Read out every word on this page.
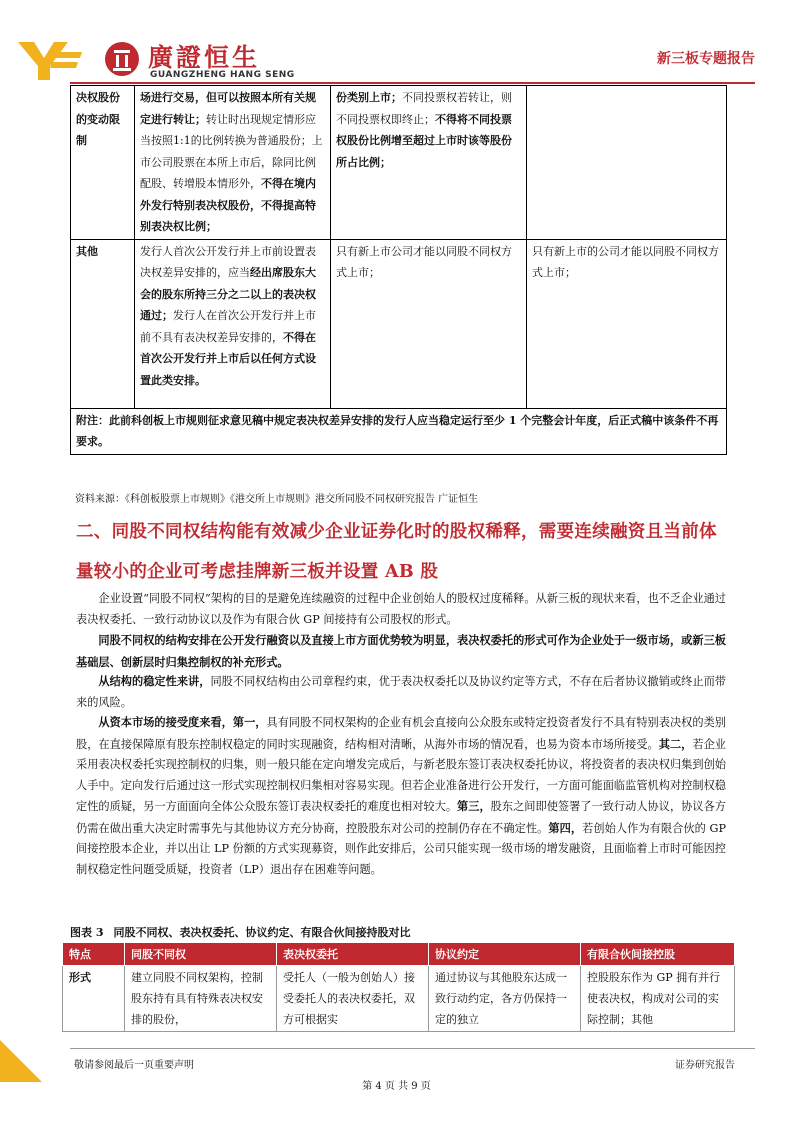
廣證恒生
GUANGZHENG HANG SENG
新三板专题报告
决权股份的变动限制	场进行交易，但可以按照本所有关规定进行转让；转让时出现规定情形应当按照1:1的比例转换为普通股份；上市公司股票在本所上市后，除同比例配股、转增股本情形外，不得在境内外发行特别表决权股份，不得提高特别表决权比例；	份类别上市；不同投票权若转让，则不同投票权即终止；不得将不同投票权股份比例增至超过上市时该等股份所占比例；	
其他	发行人首次公开发行并上市前设置表决权差异安排的，应当经出席股东大会的股东所持三分之二以上的表决权通过；发行人在首次公开发行并上市前不具有表决权差异安排的，不得在首次公开发行并上市后以任何方式设置此类安排。	只有新上市公司才能以同股不同权方式上市；	只有新上市的公司才能以同股不同权方式上市；
附注：此前科创板上市规则征求意见稿中规定表决权差异安排的发行人应当稳定运行至少 1 个完整会计年度，后正式稿中该条件不再要求。			
资料来源：《科创板股票上市规则》《港交所上市规则》港交所同股不同权研究报告 广证恒生
二、同股不同权结构能有效减少企业证券化时的股权稀释，需要连续融资且当前体量较小的企业可考虑挂牌新三板并设置 AB 股

企业设置“同股不同权”架构的目的是避免连续融资的过程中企业创始人的股权过度稀释。从新三板的现状来看，也不乏企业通过表决权委托、一致行动协议以及作为有限合伙 GP 间接持有公司股权的形式。

同股不同权的结构安排在公开发行融资以及直接上市方面优势较为明显，表决权委托的形式可作为企业处于一级市场，或新三板基础层、创新层时归集控制权的补充形式。

从结构的稳定性来讲，同股不同权结构由公司章程约束，优于表决权委托以及协议约定等方式，不存在后者协议撤销或终止而带来的风险。

从资本市场的接受度来看，第一，具有同股不同权架构的企业有机会直接向公众股东或特定投资者发行不具有特别表决权的类别股，在直接保障原有股东控制权稳定的同时实现融资，结构相对清晰，从海外市场的情况看，也易为资本市场所接受。其二，若企业采用表决权委托实现控制权的归集，则一般只能在定向增发完成后，与新老股东签订表决权委托协议，将投资者的表决权归集到创始人手中。定向发行后通过这一形式实现控制权归集相对容易实现。但若企业准备进行公开发行，一方面可能面临监管机构对控制权稳定性的质疑，另一方面面向全体公众股东签订表决权委托的难度也相对较大。第三，股东之间即使签署了一致行动人协议，协议各方仍需在做出重大决定时需事先与其他协议方充分协商，控股股东对公司的控制仍存在不确定性。第四，若创始人作为有限合伙的 GP 间接控股本企业，并以出让 LP 份额的方式实现募资，则作此安排后，公司只能实现一级市场的增发融资，且面临着上市时可能因控制权稳定性问题受质疑，投资者（LP）退出存在困难等问题。

图表 3 同股不同权、表决权委托、协议约定、有限合伙间接持股对比
特点	同股不同权	表决权委托	协议约定	有限合伙间接控股
形式	建立同股不同权架构，控制股东持有具有特殊表决权安排的股份，	受托人（一般为创始人）接受委托人的表决权委托，双方可根据实	通过协议与其他股东达成一致行动约定，各方仍保持一定的独立	控股股东作为 GP 拥有并行使表决权，构成对公司的实际控制；其他
敬请参阅最后一页重要声明	证券研究报告
第 4 页 共 9 页
